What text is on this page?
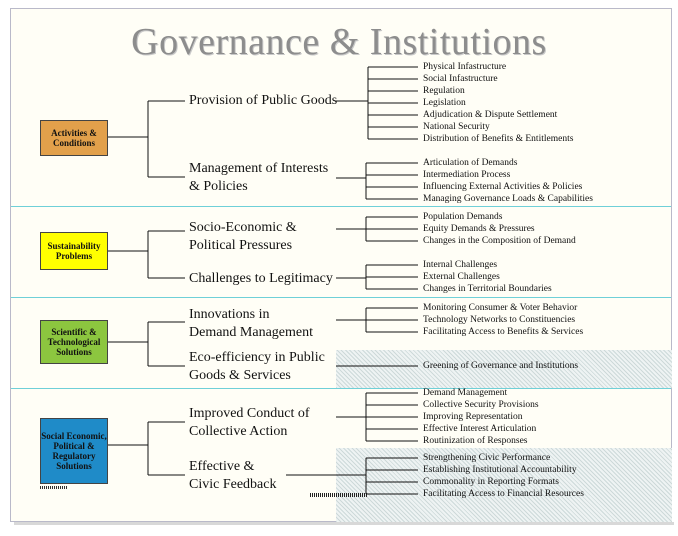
Governance & Institutions
Activities & Conditions
Sustainability Problems
Scientific & Technological Solutions
Social Economic, Political & Regulatory Solutions
Provision of Public Goods
Management of Interests
& Policies
Socio-Economic &
Political Pressures
Challenges to Legitimacy
Innovations in
Demand Management
Eco-efficiency in Public
Goods & Services
Improved Conduct of
Collective Action
Effective &
Civic Feedback
Physical Infastructure
Social Infastructure
Regulation
Legislation
Adjudication & Dispute Settlement
National Security
Distribution of Benefits & Entitlements
Articulation of Demands
Intermediation Process
Influencing External Activities & Policies
Managing Governance Loads & Capabilities
Population Demands
Equity Demands & Pressures
Changes in the Composition of Demand
Internal Challenges
External Challenges
Changes in Territorial Boundaries
Monitoring Consumer & Voter Behavior
Technology Networks to Constituencies
Facilitating Access to Benefits & Services
Greening of Governance and Institutions
Demand Management
Collective Security Provisions
Improving Representation
Effective Interest Articulation
Routinization of Responses
Strengthening Civic Performance
Establishing Institutional Accountability
Commonality in Reporting Formats
Facilitating Access to Financial Resources
